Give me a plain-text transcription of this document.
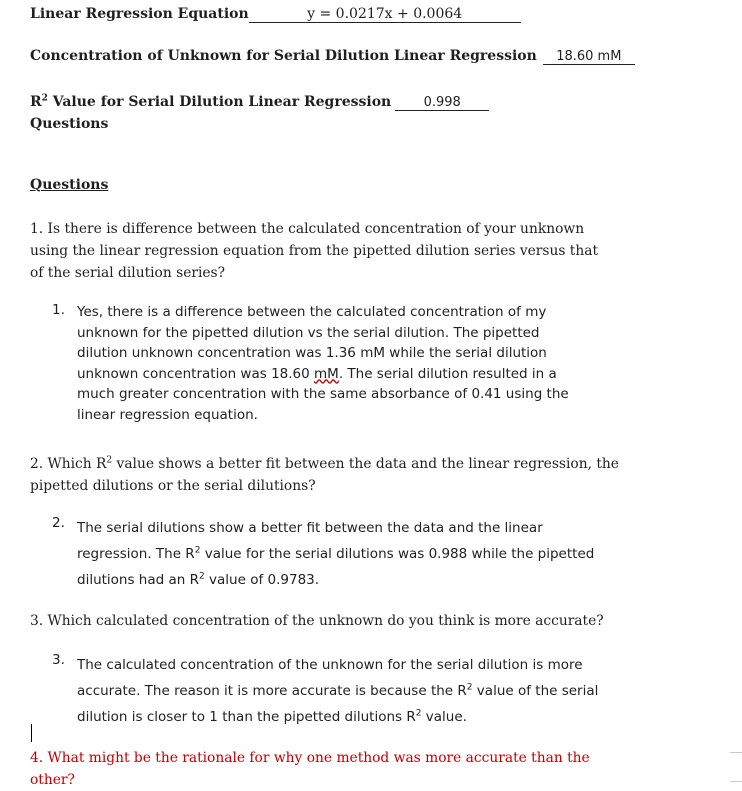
Linear Regression Equation	y = 0.0217x + 0.0064
Concentration of Unknown for Serial Dilution Linear Regression 18.60 mM
$R^2$ Value for Serial Dilution Linear Regression 0.998
Questions
Questions

1. Is there is difference between the calculated concentration of your unknown using the linear regression equation from the pipetted dilution series versus that of the serial dilution series?

1. Yes, there is a difference between the calculated concentration of my unknown for the pipetted dilution vs the serial dilution. The pipetted dilution unknown concentration was 1.36 mM while the serial dilution unknown concentration was 18.60 mM. The serial dilution resulted in a much greater concentration with the same absorbance of 0.41 using the linear regression equation.

2. Which $R^2$ value shows a better fit between the data and the linear regression, the pipetted dilutions or the serial dilutions?

2. The serial dilutions show a better fit between the data and the linear regression. The $R^2$ value for the serial dilutions was 0.988 while the pipetted dilutions had an $R^2$ value of 0.9783.

3. Which calculated concentration of the unknown do you think is more accurate?

3. The calculated concentration of the unknown for the serial dilution is more accurate. The reason it is more accurate is because the $R^2$ value of the serial dilution is closer to 1 than the pipetted dilutions $R^2$ value.

4. What might be the rationale for why one method was more accurate than the other?
